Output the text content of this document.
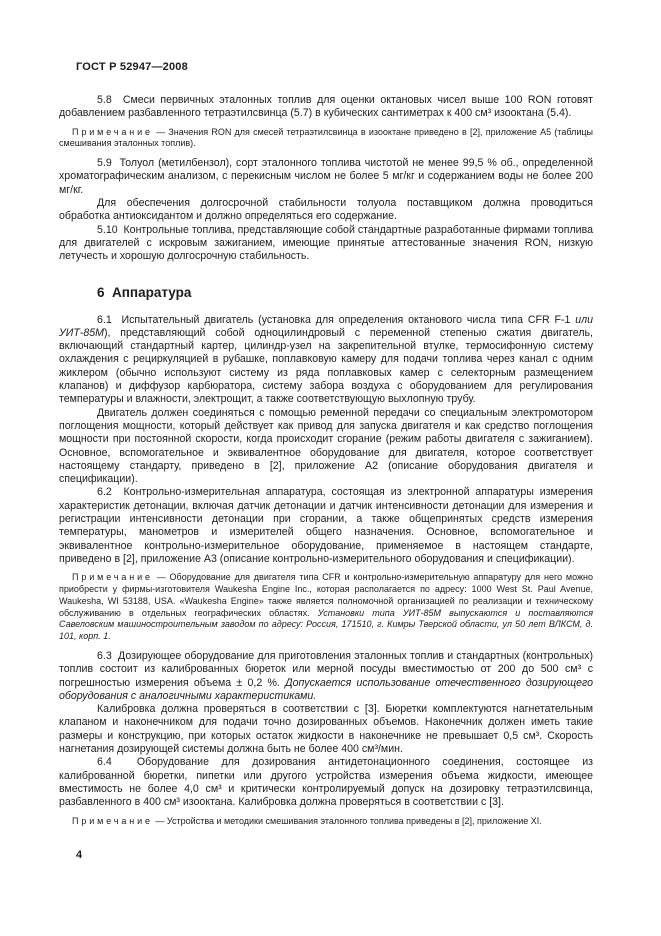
ГОСТ Р 52947—2008

5.8  Смеси первичных эталонных топлив для оценки октановых чисел выше 100 RON готовят добавлением разбавленного тетраэтилсвинца (5.7) в кубических сантиметрах к 400 см³ изооктана (5.4).

Примечание — Значения RON для смесей тетраэтилсвинца в изооктане приведено в [2], приложение А5 (таблицы смешивания эталонных топлив).

5.9  Толуол (метилбензол), сорт эталонного топлива чистотой не менее 99,5 % об., определенной хроматографическим анализом, с перекисным числом не более 5 мг/кг и содержанием воды не более 200 мг/кг.

Для обеспечения долгосрочной стабильности толуола поставщиком должна проводиться обработка антиоксидантом и должно определяться его содержание.

5.10  Контрольные топлива, представляющие собой стандартные разработанные фирмами топлива для двигателей с искровым зажиганием, имеющие принятые аттестованные значения RON, низкую летучесть и хорошую долгосрочную стабильность.

6  Аппаратура

6.1  Испытательный двигатель (установка для определения октанового числа типа CFR F-1 или УИТ-85М), представляющий собой одноцилиндровый с переменной степенью сжатия двигатель, включающий стандартный картер, цилиндр-узел на закрепительной втулке, термосифонную систему охлаждения с рециркуляцией в рубашке, поплавковую камеру для подачи топлива через канал с одним жиклером (обычно используют систему из ряда поплавковых камер с селекторным размещением клапанов) и диффузор карбюратора, систему забора воздуха с оборудованием для регулирования температуры и влажности, электрощит, а также соответствующую выхлопную трубу.

Двигатель должен соединяться с помощью ременной передачи со специальным электромотором поглощения мощности, который действует как привод для запуска двигателя и как средство поглощения мощности при постоянной скорости, когда происходит сгорание (режим работы двигателя с зажиганием). Основное, вспомогательное и эквивалентное оборудование для двигателя, которое соответствует настоящему стандарту, приведено в [2], приложение А2 (описание оборудования двигателя и спецификации).

6.2  Контрольно-измерительная аппаратура, состоящая из электронной аппаратуры измерения характеристик детонации, включая датчик детонации и датчик интенсивности детонации для измерения и регистрации интенсивности детонации при сгорании, а также общепринятых средств измерения температуры, манометров и измерителей общего назначения. Основное, вспомогательное и эквивалентное контрольно-измерительное оборудование, применяемое в настоящем стандарте, приведено в [2], приложение А3 (описание контрольно-измерительного оборудования и спецификации).

Примечание — Оборудование для двигателя типа CFR и контрольно-измерительную аппаратуру для него можно приобрести у фирмы-изготовителя Waukesha Engine Inc., которая располагается по адресу: 1000 West St. Paul Avenue, Waukesha, WI 53188, USA. «Waukesha Engine» также является полномочной организацией по реализации и техническому обслуживанию в отдельных географических областях. Установки типа УИТ-85М выпускаются и поставляются Савеловским машиностроительным заводом по адресу: Россия, 171510, г. Кимры Тверской области, ул 50 лет ВЛКСМ, д. 101, корп. 1.

6.3  Дозирующее оборудование для приготовления эталонных топлив и стандартных (контрольных) топлив состоит из калиброванных бюреток или мерной посуды вместимостью от 200 до 500 см³ с погрешностью измерения объема ± 0,2 %. Допускается использование отечественного дозирующего оборудования с аналогичными характеристиками.

Калибровка должна проверяться в соответствии с [3]. Бюретки комплектуются нагнетательным клапаном и наконечником для подачи точно дозированных объемов. Наконечник должен иметь такие размеры и конструкцию, при которых остаток жидкости в наконечнике не превышает 0,5 см³. Скорость нагнетания дозирующей системы должна быть не более 400 см³/мин.

6.4  Оборудование для дозирования антидетонационного соединения, состоящее из калиброванной бюретки, пипетки или другого устройства измерения объема жидкости, имеющее вместимость не более 4,0 см³ и критически контролируемый допуск на дозировку тетраэтилсвинца, разбавленного в 400 см³ изооктана. Калибровка должна проверяться в соответствии с [3].

Примечание — Устройства и методики смешивания эталонного топлива приведены в [2], приложение XI.

4
